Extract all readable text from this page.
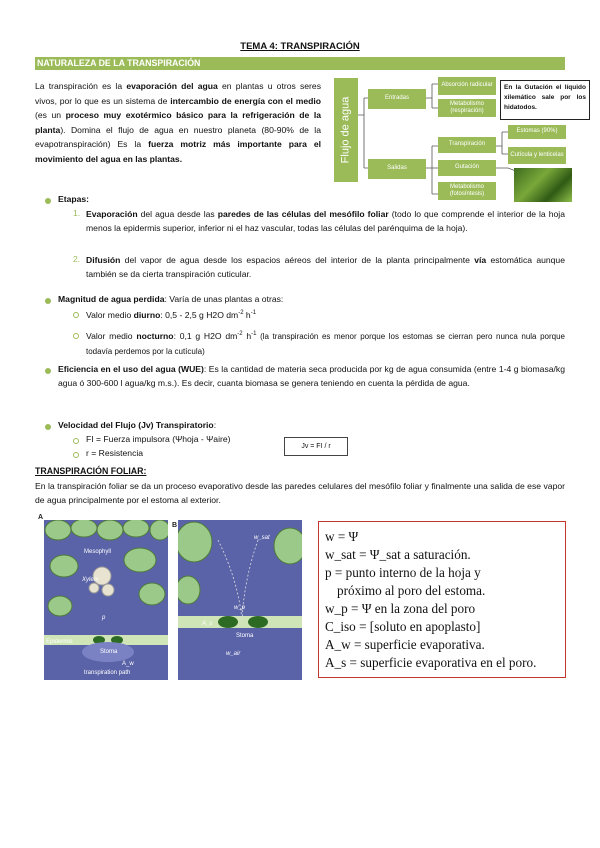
TEMA 4: TRANSPIRACIÓN
NATURALEZA DE LA TRANSPIRACIÓN
La transpiración es la evaporación del agua en plantas u otros seres vivos, por lo que es un sistema de intercambio de energía con el medio (es un proceso muy exotérmico básico para la refrigeración de la planta). Domina el flujo de agua en nuestro planeta (80-90% de la evapotranspiración) Es la fuerza motriz más importante para el movimiento del agua en las plantas.	Flujo de agua	Entradas
Salidas
Absorción radicular
Metabolismo (respiración)
Transpiración
Gutación
Metabolismo (fotosíntesis)
Estomas (90%)
Cutícula y lenticelas
En la Gutación el líquido xilemático sale por los hidatodos.
Etapas:
1. Evaporación del agua desde las paredes de las células del mesófilo foliar (todo lo que comprende el interior de la hoja menos la epidermis superior, inferior ni el haz vascular, todas las células del parénquima de la hoja).
2. Difusión del vapor de agua desde los espacios aéreos del interior de la planta principalmente vía estomática aunque también se da cierta transpiración cuticular.
Magnitud de agua perdida: Varía de unas plantas a otras:
Valor medio diurno: 0,5 - 2,5 g H2O $dm^{-2}$ $h^{-1}$
Valor medio nocturno: 0,1 g H2O $dm^{-2}$ $h^{-1}$ (la transpiración es menor porque los estomas se cierran pero nunca nula porque todavía perdemos por la cutícula)
Eficiencia en el uso del agua (WUE): Es la cantidad de materia seca producida por kg de agua consumida (entre 1-4 g biomasa/kg agua ó 300-600 l agua/kg m.s.). Es decir, cuanta biomasa se genera teniendo en cuenta la pérdida de agua.
Velocidad del Flujo (Jv) Transpiratorio:
FI = Fuerza impulsora (Ψhoja - Ψaire)
r = Resistencia
Jv = FI / r
TRANSPIRACIÓN FOLIAR:
En la transpiración foliar se da un proceso evaporativo desde las paredes celulares del mesófilo foliar y finalmente una salida de ese vapor de agua principalmente por el estoma al exterior.
A
Mesophyll
Xylem
p
Epidermis
Stoma
A_w
transpiration path
B
w_sat
w_p
A_s
Stoma
w_air
w = Ψ
w_sat = Ψ_sat a saturación.
p = punto interno de la hoja y
próximo al poro del estoma.
w_p = Ψ en la zona del poro
C_iso = [soluto en apoplasto]
A_w = superficie evaporativa.
A_s = superficie evaporativa en el poro.
